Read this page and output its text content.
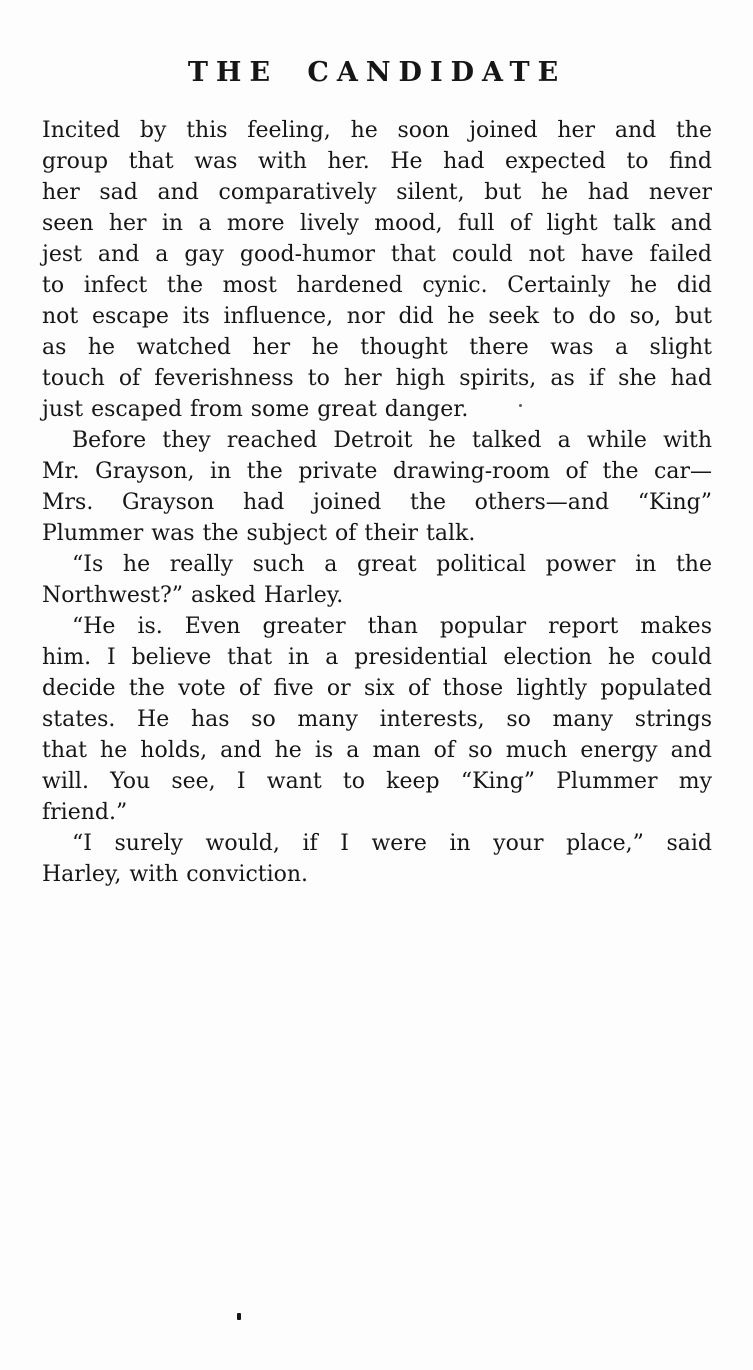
THE CANDIDATE

Incited by this feeling, he soon joined her and the
group that was with her. He had expected to find
her sad and comparatively silent, but he had never
seen her in a more lively mood, full of light talk and
jest and a gay good-humor that could not have failed
to infect the most hardened cynic. Certainly he did
not escape its influence, nor did he seek to do so, but
as he watched her he thought there was a slight
touch of feverishness to her high spirits, as if she had
just escaped from some great danger.

Before they reached Detroit he talked a while with
Mr. Grayson, in the private drawing-room of the car—
Mrs. Grayson had joined the others—and “King”
Plummer was the subject of their talk.

“Is he really such a great political power in the
Northwest?” asked Harley.

“He is. Even greater than popular report makes
him. I believe that in a presidential election he could
decide the vote of five or six of those lightly populated
states. He has so many interests, so many strings
that he holds, and he is a man of so much energy and
will. You see, I want to keep “King” Plummer my
friend.”

“I surely would, if I were in your place,” said
Harley, with conviction.
